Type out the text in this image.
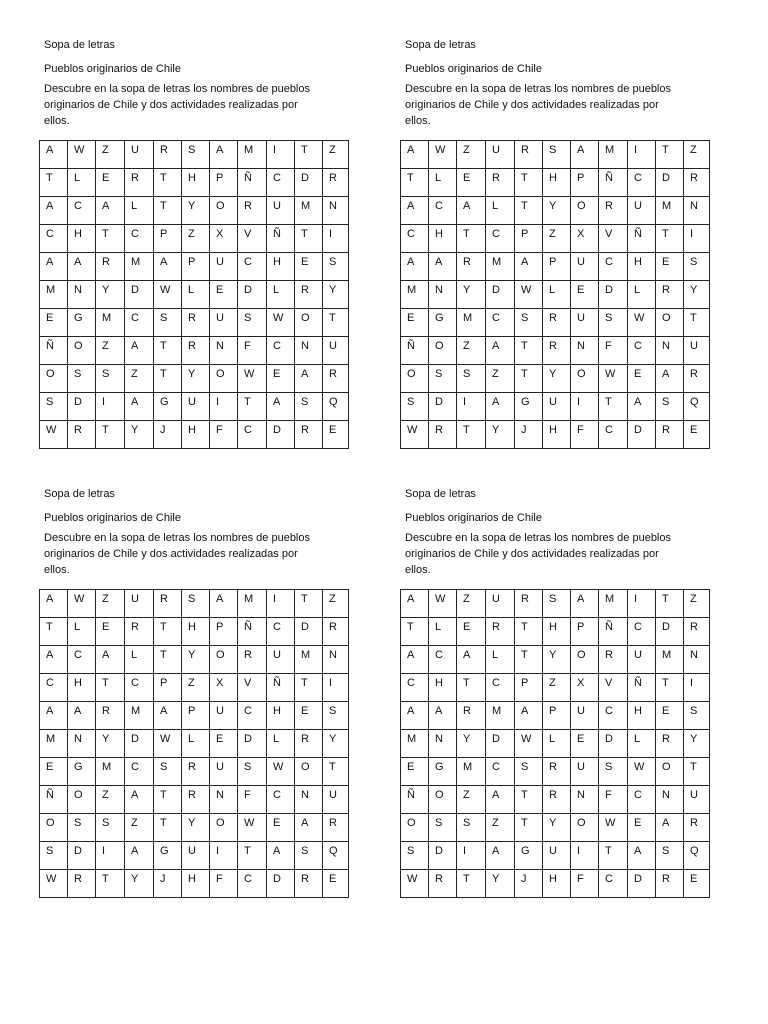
Sopa de letras

Pueblos originarios de Chile

Descubre en la sopa de letras los nombres de pueblos
originarios de Chile y dos actividades realizadas por
ellos.

A	W	Z	U	R	S	A	M	I	T	Z
T	L	E	R	T	H	P	Ñ	C	D	R
A	C	A	L	T	Y	O	R	U	M	N
C	H	T	C	P	Z	X	V	Ñ	T	I
A	A	R	M	A	P	U	C	H	E	S
M	N	Y	D	W	L	E	D	L	R	Y
E	G	M	C	S	R	U	S	W	O	T
Ñ	O	Z	A	T	R	N	F	C	N	U
O	S	S	Z	T	Y	O	W	E	A	R
S	D	I	A	G	U	I	T	A	S	Q
W	R	T	Y	J	H	F	C	D	R	E

Sopa de letras

Pueblos originarios de Chile

Descubre en la sopa de letras los nombres de pueblos
originarios de Chile y dos actividades realizadas por
ellos.

A	W	Z	U	R	S	A	M	I	T	Z
T	L	E	R	T	H	P	Ñ	C	D	R
A	C	A	L	T	Y	O	R	U	M	N
C	H	T	C	P	Z	X	V	Ñ	T	I
A	A	R	M	A	P	U	C	H	E	S
M	N	Y	D	W	L	E	D	L	R	Y
E	G	M	C	S	R	U	S	W	O	T
Ñ	O	Z	A	T	R	N	F	C	N	U
O	S	S	Z	T	Y	O	W	E	A	R
S	D	I	A	G	U	I	T	A	S	Q
W	R	T	Y	J	H	F	C	D	R	E

Sopa de letras

Pueblos originarios de Chile

Descubre en la sopa de letras los nombres de pueblos
originarios de Chile y dos actividades realizadas por
ellos.

A	W	Z	U	R	S	A	M	I	T	Z
T	L	E	R	T	H	P	Ñ	C	D	R
A	C	A	L	T	Y	O	R	U	M	N
C	H	T	C	P	Z	X	V	Ñ	T	I
A	A	R	M	A	P	U	C	H	E	S
M	N	Y	D	W	L	E	D	L	R	Y
E	G	M	C	S	R	U	S	W	O	T
Ñ	O	Z	A	T	R	N	F	C	N	U
O	S	S	Z	T	Y	O	W	E	A	R
S	D	I	A	G	U	I	T	A	S	Q
W	R	T	Y	J	H	F	C	D	R	E

Sopa de letras

Pueblos originarios de Chile

Descubre en la sopa de letras los nombres de pueblos
originarios de Chile y dos actividades realizadas por
ellos.

A	W	Z	U	R	S	A	M	I	T	Z
T	L	E	R	T	H	P	Ñ	C	D	R
A	C	A	L	T	Y	O	R	U	M	N
C	H	T	C	P	Z	X	V	Ñ	T	I
A	A	R	M	A	P	U	C	H	E	S
M	N	Y	D	W	L	E	D	L	R	Y
E	G	M	C	S	R	U	S	W	O	T
Ñ	O	Z	A	T	R	N	F	C	N	U
O	S	S	Z	T	Y	O	W	E	A	R
S	D	I	A	G	U	I	T	A	S	Q
W	R	T	Y	J	H	F	C	D	R	E
